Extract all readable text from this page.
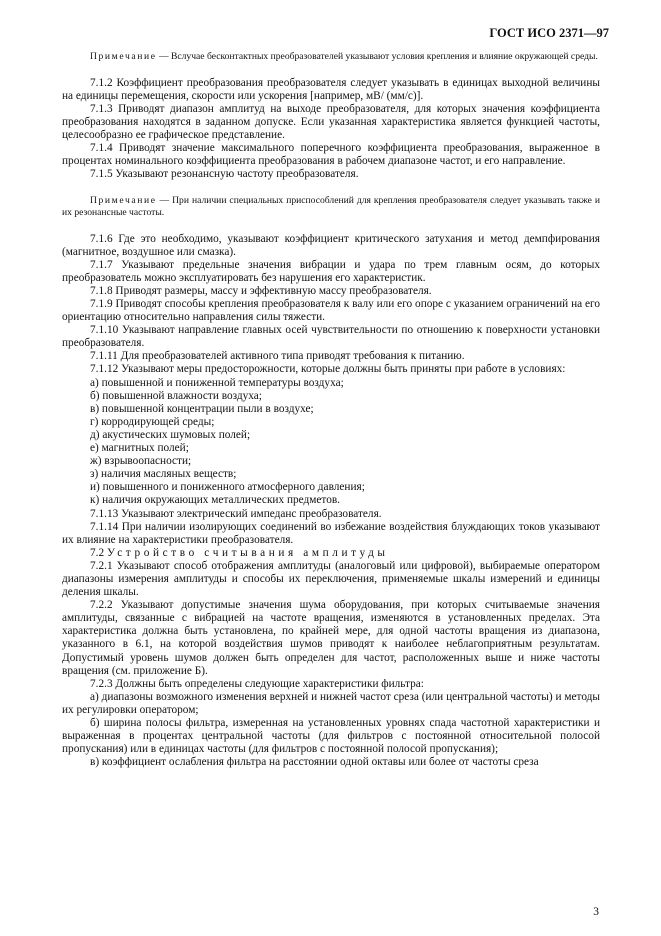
ГОСТ ИСО 2371—97

Примечание — Вслучае бесконтактных преобразователей указывают условия крепления и влияние окружающей среды.

7.1.2 Коэффициент преобразования преобразователя следует указывать в единицах выходной величины на единицы перемещения, скорости или ускорения [например, мВ/ (мм/с)].

7.1.3 Приводят диапазон амплитуд на выходе преобразователя, для которых значения коэффициента преобразования находятся в заданном допуске. Если указанная характеристика является функцией частоты, целесообразно ее графическое представление.

7.1.4 Приводят значение максимального поперечного коэффициента преобразования, выраженное в процентах номинального коэффициента преобразования в рабочем диапазоне частот, и его направление.

7.1.5 Указывают резонансную частоту преобразователя.

Примечание — При наличии специальных приспособлений для крепления преобразователя следует указывать также и их резонансные частоты.

7.1.6 Где это необходимо, указывают коэффициент критического затухания и метод демпфирования (магнитное, воздушное или смазка).

7.1.7 Указывают предельные значения вибрации и удара по трем главным осям, до которых преобразователь можно эксплуатировать без нарушения его характеристик.

7.1.8 Приводят размеры, массу и эффективную массу преобразователя.

7.1.9 Приводят способы крепления преобразователя к валу или его опоре с указанием ограничений на его ориентацию относительно направления силы тяжести.

7.1.10 Указывают направление главных осей чувствительности по отношению к поверхности установки преобразователя.

7.1.11 Для преобразователей активного типа приводят требования к питанию.

7.1.12 Указывают меры предосторожности, которые должны быть приняты при работе в условиях:

а) повышенной и пониженной температуры воздуха;

б) повышенной влажности воздуха;

в) повышенной концентрации пыли в воздухе;

г) корродирующей среды;

д) акустических шумовых полей;

е) магнитных полей;

ж) взрывоопасности;

з) наличия масляных веществ;

и) повышенного и пониженного атмосферного давления;

к) наличия окружающих металлических предметов.

7.1.13 Указывают электрический импеданс преобразователя.

7.1.14 При наличии изолирующих соединений во избежание воздействия блуждающих токов указывают их влияние на характеристики преобразователя.

7.2 Устройство считывания амплитуды

7.2.1 Указывают способ отображения амплитуды (аналоговый или цифровой), выбираемые оператором диапазоны измерения амплитуды и способы их переключения, применяемые шкалы измерений и единицы деления шкалы.

7.2.2 Указывают допустимые значения шума оборудования, при которых считываемые значения амплитуды, связанные с вибрацией на частоте вращения, изменяются в установленных пределах. Эта характеристика должна быть установлена, по крайней мере, для одной частоты вращения из диапазона, указанного в 6.1, на которой воздействия шумов приводят к наиболее неблагоприятным результатам. Допустимый уровень шумов должен быть определен для частот, расположенных выше и ниже частоты вращения (см. приложение Б).

7.2.3 Должны быть определены следующие характеристики фильтра:

а) диапазоны возможного изменения верхней и нижней частот среза (или центральной частоты) и методы их регулировки оператором;

б) ширина полосы фильтра, измеренная на установленных уровнях спада частотной характеристики и выраженная в процентах центральной частоты (для фильтров с постоянной относительной полосой пропускания) или в единицах частоты (для фильтров с постоянной полосой пропускания);

в) коэффициент ослабления фильтра на расстоянии одной октавы или более от частоты среза

3
